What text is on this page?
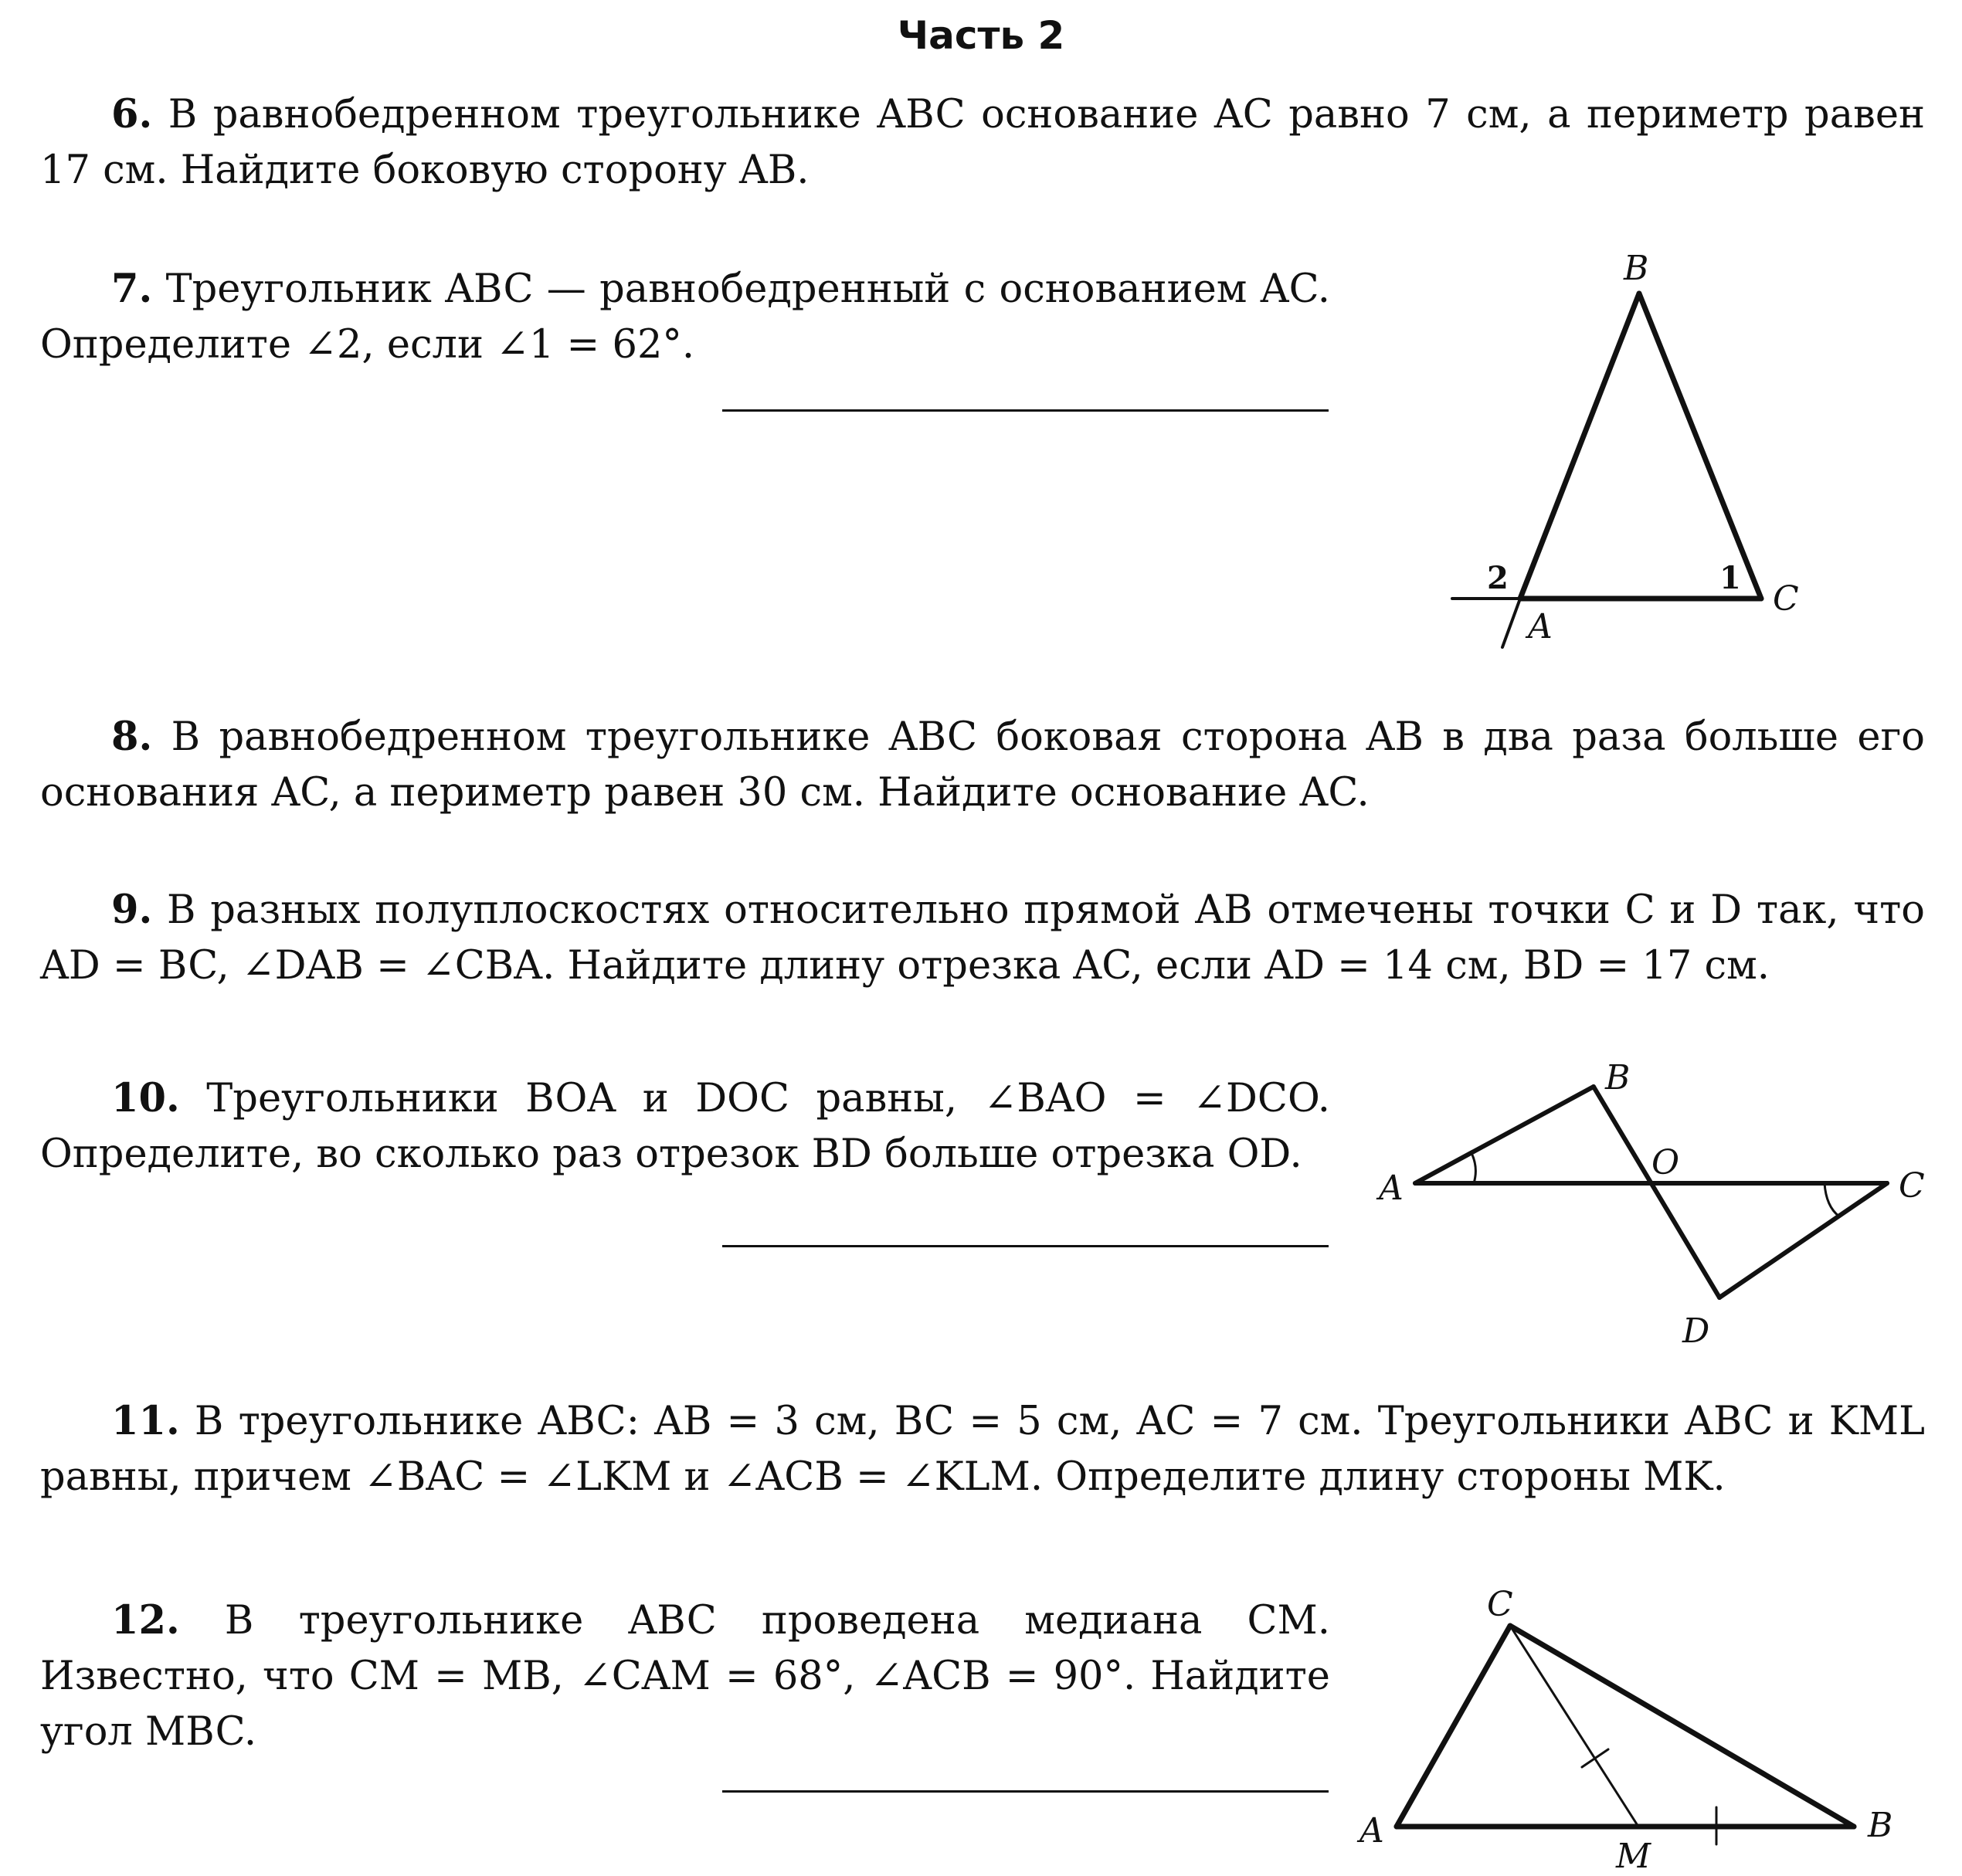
Часть 2
6. В равнобедренном треугольнике ABC основание AC равно 7 см, а периметр равен 17 см. Найдите боковую сторону AB.
7. Треугольник ABC — равнобедренный с основанием AC. Определите ∠2, если ∠1 = 62°.
8. В равнобедренном треугольнике ABC боковая сторона AB в два раза больше его основания AC, а периметр равен 30 см. Найдите основание AC.
9. В разных полуплоскостях относительно прямой AB отмечены точки C и D так, что AD = BC, ∠DAB = ∠CBA. Найдите длину отрезка AC, если AD = 14 см, BD = 17 см.
10. Треугольники BOA и DOC равны, ∠BAO = ∠DCO. Определите, во сколько раз отрезок BD больше отрезка OD.
11. В треугольнике ABC: AB = 3 см, BC = 5 см, AC = 7 см. Треугольники ABC и KML равны, причем ∠BAC = ∠LKM и ∠ACB = ∠KLM. Определите длину стороны MK.
12. В треугольнике ABC проведена медиана CM. Известно, что CM = MB, ∠CAM = 68°, ∠ACB = 90°. Найдите угол MBC.
B
A
C
1
2
A
B
O
C
D
C
A
M
B
